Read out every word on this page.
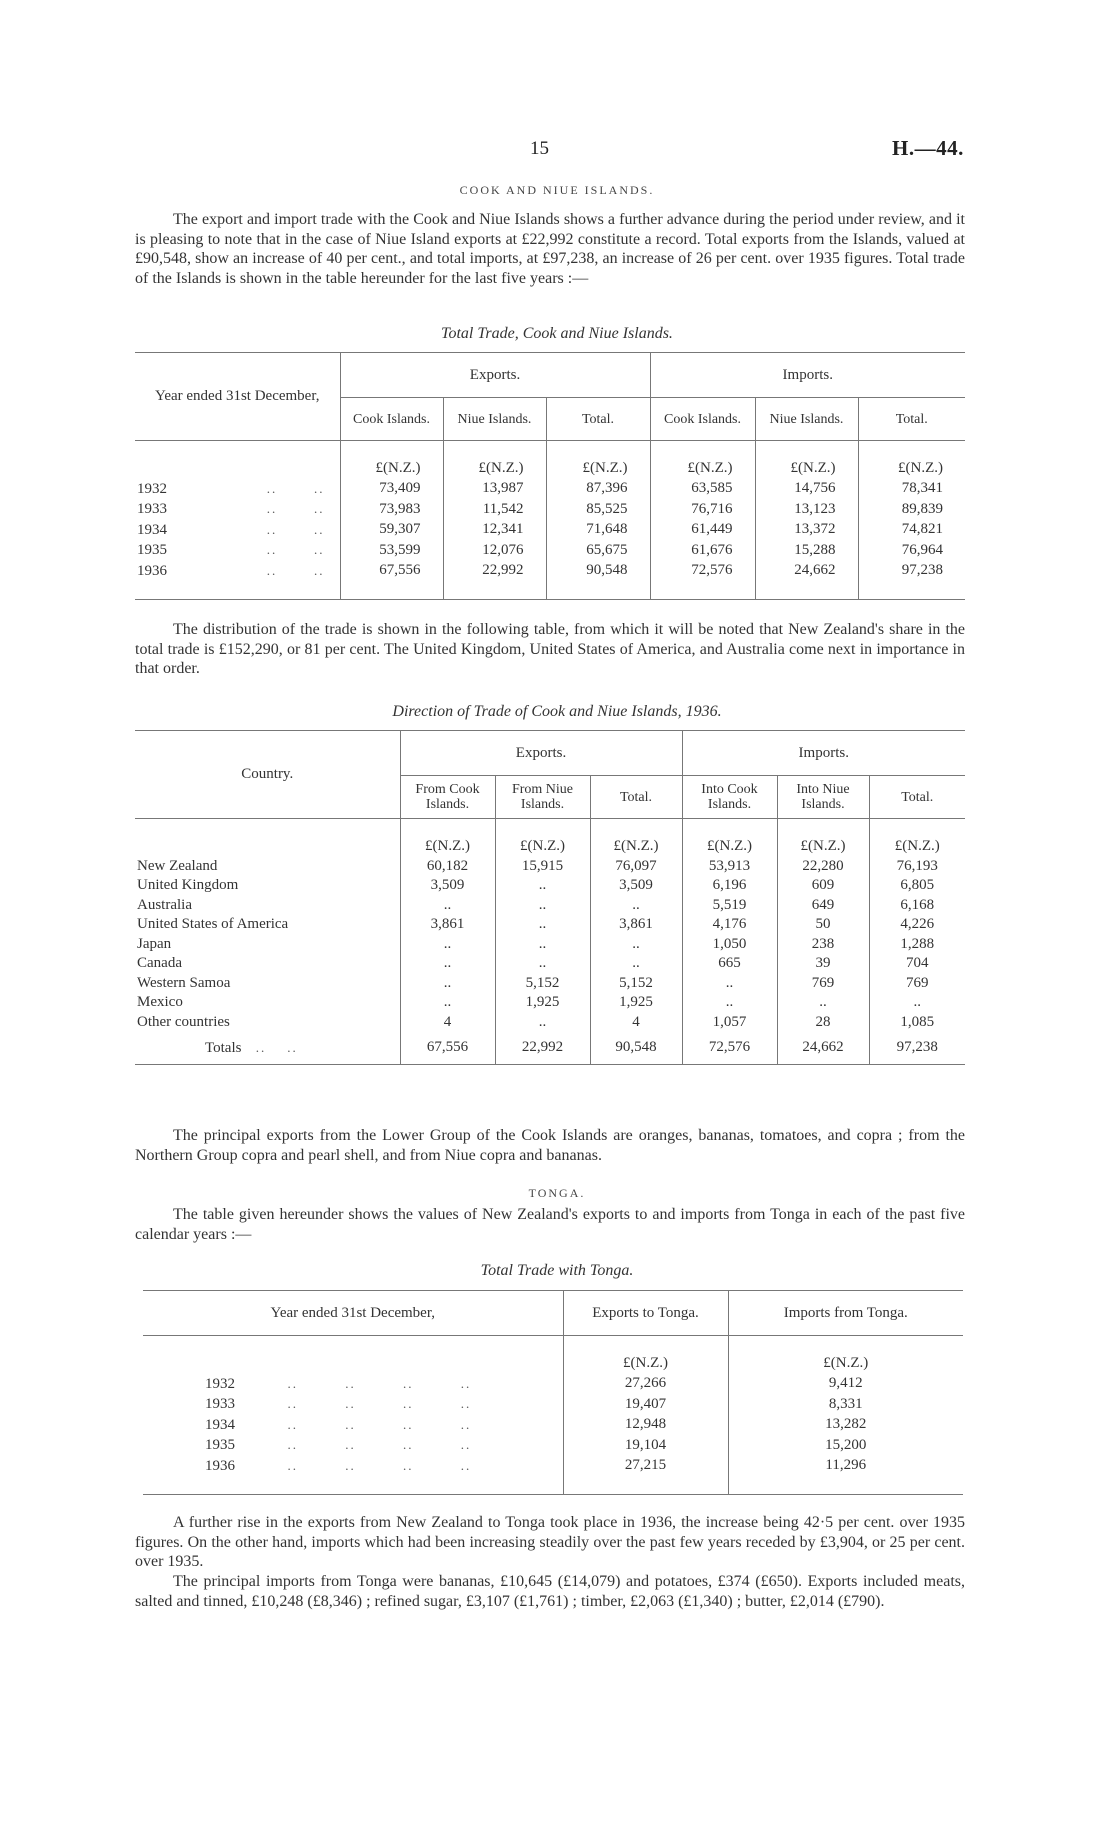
15	H.—44.
COOK AND NIUE ISLANDS.

The export and import trade with the Cook and Niue Islands shows a further advance during the period under review, and it is pleasing to note that in the case of Niue Island exports at £22,992 constitute a record. Total exports from the Islands, valued at £90,548, show an increase of 40 per cent., and total imports, at £97,238, an increase of 26 per cent. over 1935 figures. Total trade of the Islands is shown in the table hereunder for the last five years :—

Total Trade, Cook and Niue Islands.
Year ended 31st December,	Exports.			Imports.		
	Cook Islands.	Niue Islands.	Total.	Cook Islands.	Niue Islands.	Total.

	£(N.Z.)	£(N.Z.)	£(N.Z.)	£(N.Z.)	£(N.Z.)	£(N.Z.)
1932                   ..       ..	73,409	13,987	87,396	63,585	14,756	78,341
1933                   ..       ..	73,983	11,542	85,525	76,716	13,123	89,839
1934                   ..       ..	59,307	12,341	71,648	61,449	13,372	74,821
1935                   ..       ..	53,599	12,076	65,675	61,676	15,288	76,964
1936                   ..       ..	67,556	22,992	90,548	72,576	24,662	97,238

The distribution of the trade is shown in the following table, from which it will be noted that New Zealand's share in the total trade is £152,290, or 81 per cent. The United Kingdom, United States of America, and Australia come next in importance in that order.

Direction of Trade of Cook and Niue Islands, 1936.
Country.	Exports.			Imports.		
	From Cook Islands.	From Niue Islands.	Total.	Into Cook Islands.	Into Niue Islands.	Total.

	£(N.Z.)	£(N.Z.)	£(N.Z.)	£(N.Z.)	£(N.Z.)	£(N.Z.)
New Zealand	60,182	15,915	76,097	53,913	22,280	76,193
United Kingdom	3,509	..	3,509	6,196	609	6,805
Australia	..	..	..	5,519	649	6,168
United States of America	3,861	..	3,861	4,176	50	4,226
Japan	..	..	..	1,050	238	1,288
Canada	..	..	..	665	39	704
Western Samoa	..	5,152	5,152	..	769	769
Mexico	..	1,925	1,925	..	..	..
Other countries	4	..	4	1,057	28	1,085
Totals   ..    ..	67,556	22,992	90,548	72,576	24,662	97,238

The principal exports from the Lower Group of the Cook Islands are oranges, bananas, tomatoes, and copra ; from the Northern Group copra and pearl shell, and from Niue copra and bananas.

TONGA.

The table given hereunder shows the values of New Zealand's exports to and imports from Tonga in each of the past five calendar years :—

Total Trade with Tonga.
Year ended 31st December,	Exports to Tonga.	Imports from Tonga.

	£(N.Z.)	£(N.Z.)
1932          ..         ..         ..         ..	27,266	9,412
1933          ..         ..         ..         ..	19,407	8,331
1934          ..         ..         ..         ..	12,948	13,282
1935          ..         ..         ..         ..	19,104	15,200
1936          ..         ..         ..         ..	27,215	11,296

A further rise in the exports from New Zealand to Tonga took place in 1936, the increase being 42·5 per cent. over 1935 figures. On the other hand, imports which had been increasing steadily over the past few years receded by £3,904, or 25 per cent. over 1935.

The principal imports from Tonga were bananas, £10,645 (£14,079) and potatoes, £374 (£650). Exports included meats, salted and tinned, £10,248 (£8,346) ; refined sugar, £3,107 (£1,761) ; timber, £2,063 (£1,340) ; butter, £2,014 (£790).
